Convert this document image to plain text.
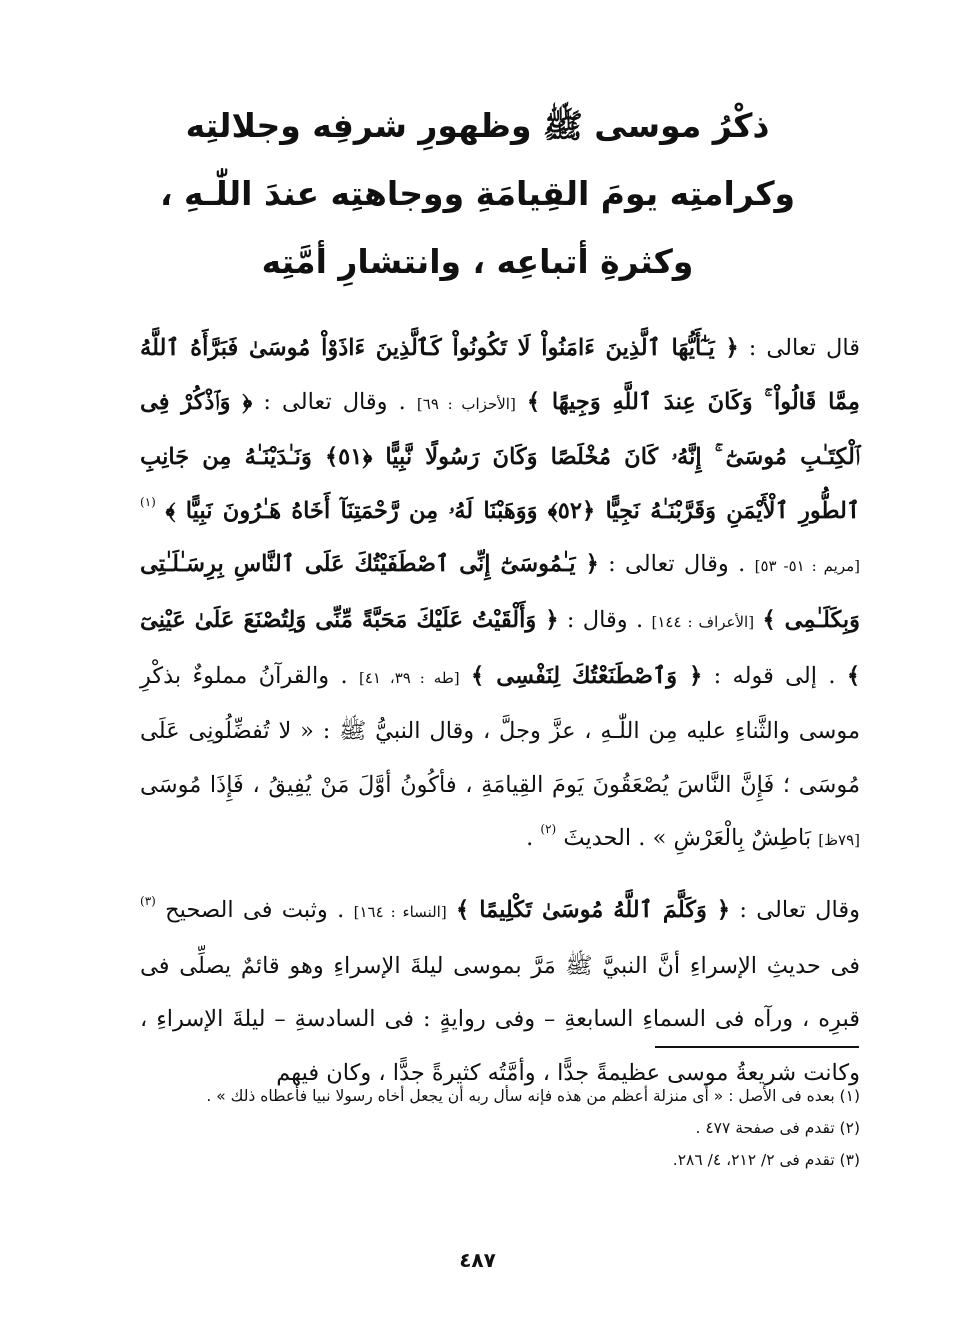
ذكْرُ موسى ﷺ وظهورِ شرفِه وجلالتِه
وكرامتِه يومَ القِيامَةِ ووجاهتِه عندَ اللّٰـهِ ،
وكثرةِ أتباعِه ، وانتشارِ أمَّتِه

قال تعالى : ﴿ يَـٰٓأَيُّهَا ٱلَّذِينَ ءَامَنُواْ لَا تَكُونُواْ كَٱلَّذِينَ ءَاذَوْاْ مُوسَىٰ فَبَرَّأَهُ ٱللَّهُ مِمَّا قَالُواْ ۚ وَكَانَ عِندَ ٱللَّهِ وَجِيهًا ﴾ [الأحزاب : ٦٩] . وقال تعالى : ﴿ وَٱذْكُرْ فِى ٱلْكِتَـٰبِ مُوسَىٰٓ ۚ إِنَّهُۥ كَانَ مُخْلَصًا وَكَانَ رَسُولًا نَّبِيًّا ﴿٥١﴾ وَنَـٰدَيْنَـٰهُ مِن جَانِبِ ٱلطُّورِ ٱلْأَيْمَنِ وَقَرَّبْنَـٰهُ نَجِيًّا ﴿٥٢﴾ وَوَهَبْنَا لَهُۥ مِن رَّحْمَتِنَآ أَخَاهُ هَـٰرُونَ نَبِيًّا ﴾ $^{(١)}$ [مريم : ٥١- ٥٣] . وقال تعالى : ﴿ يَـٰمُوسَىٰٓ إِنِّى ٱصْطَفَيْتُكَ عَلَى ٱلنَّاسِ بِرِسَـٰلَـٰتِى وَبِكَلَـٰمِى ﴾ [الأعراف : ١٤٤] . وقال : ﴿ وَأَلْقَيْتُ عَلَيْكَ مَحَبَّةً مِّنِّى وَلِتُصْنَعَ عَلَىٰ عَيْنِىٓ ﴾ . إلى قوله : ﴿ وَٱصْطَنَعْتُكَ لِنَفْسِى ﴾ [طه : ٣٩، ٤١] . والقرآنُ مملوءٌ بذكْرِ موسى والثَّناءِ عليه مِن اللّٰـهِ ، عزَّ وجلَّ ، وقال النبيُّ ﷺ : « لا تُفضِّلُونِى عَلَى مُوسَى ؛ فَإِنَّ النَّاسَ يُصْعَقُونَ يَومَ القِيامَةِ ، فأكُونُ أوَّلَ مَنْ يُفِيقُ ، فَإِذَا مُوسَى [٧٩ظ] بَاطِشٌ بِالْعَرْشِ » . الحديثَ $^{(٢)}$ .

وقال تعالى : ﴿ وَكَلَّمَ ٱللَّهُ مُوسَىٰ تَكْلِيمًا ﴾ [النساء : ١٦٤] . وثبت فى الصحيح $^{(٣)}$ فى حديثِ الإسراءِ أنَّ النبيَّ ﷺ مَرَّ بموسى ليلةَ الإسراءِ وهو قائمٌ يصلِّى فى قبرِه ، ورآه فى السماءِ السابعةِ – وفى روايةٍ : فى السادسةِ – ليلةَ الإسراءِ ، وكانت شريعةُ موسى عظيمةً جدًّا ، وأمَّتُه كثيرةً جدًّا ، وكان فيهم

(١) بعده فى الأصل : « أى منزلة أعظم من هذه فإنه سأل ربه أن يجعل أخاه رسولا نبيا فأعطاه ذلك » .
(٢) تقدم فى صفحة ٤٧٧ .
(٣) تقدم فى ٢/ ٢١٢، ٤/ ٢٨٦.
٤٨٧
